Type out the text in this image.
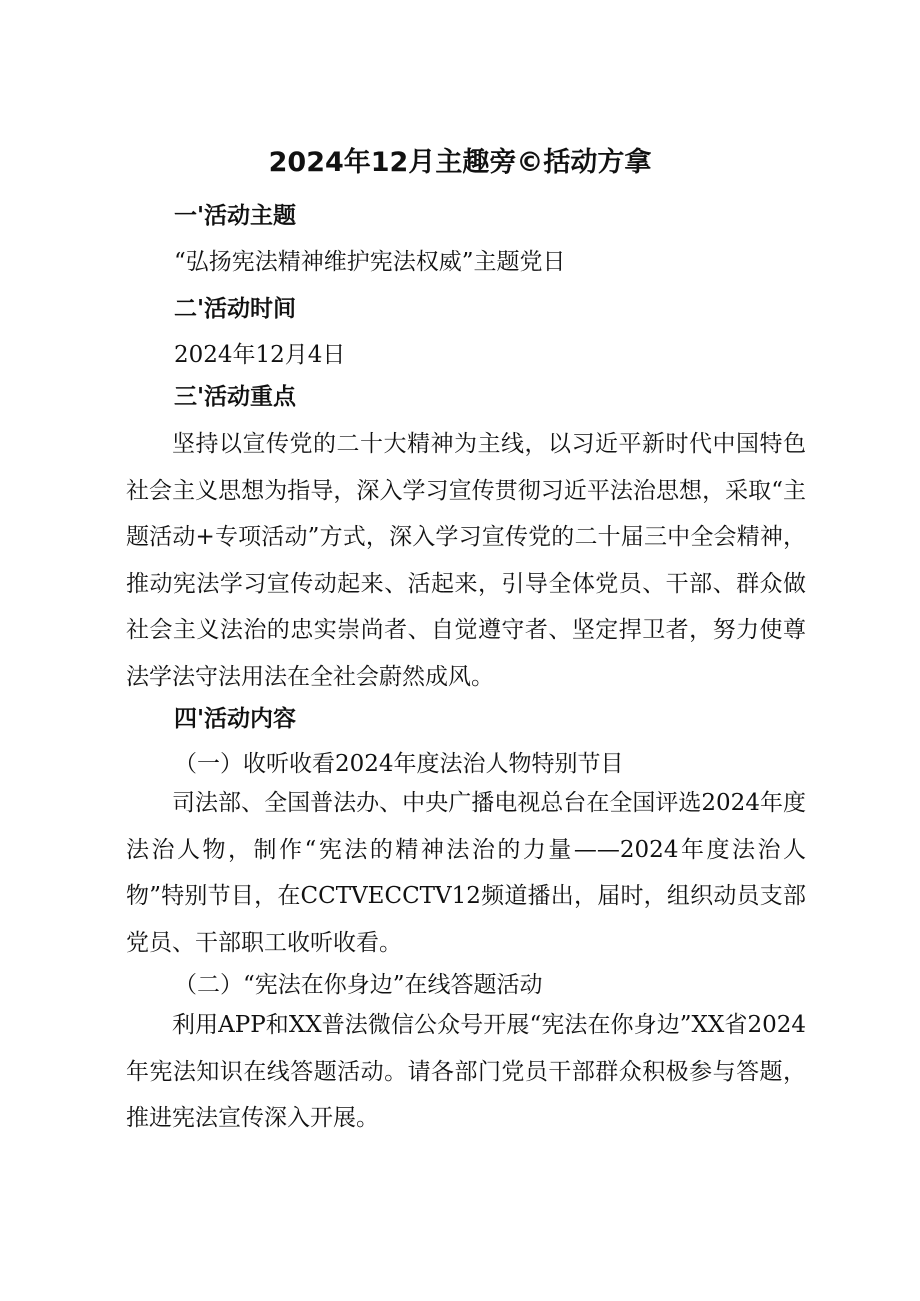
2024年12月主趣旁©括动方拿
一'活动主题
“弘扬宪法精神维护宪法权威”主题党日
二'活动时间
2024年12月4日
三'活动重点
坚持以宣传党的二十大精神为主线，以习近平新时代中国特色社会主义思想为指导，深入学习宣传贯彻习近平法治思想，采取“主题活动+专项活动”方式，深入学习宣传党的二十届三中全会精神，推动宪法学习宣传动起来、活起来，引导全体党员、干部、群众做社会主义法治的忠实崇尚者、自觉遵守者、坚定捍卫者，努力使尊法学法守法用法在全社会蔚然成风。
四'活动内容
（一）收听收看2024年度法治人物特别节目
司法部、全国普法办、中央广播电视总台在全国评选2024年度法治人物，制作“宪法的精神法治的力量——2024年度法治人物”特别节目，在CCTVECCTV12频道播出，届时，组织动员支部党员、干部职工收听收看。
（二）“宪法在你身边”在线答题活动
利用APP和XX普法微信公众号开展“宪法在你身边”XX省2024年宪法知识在线答题活动。请各部门党员干部群众积极参与答题，推进宪法宣传深入开展。
